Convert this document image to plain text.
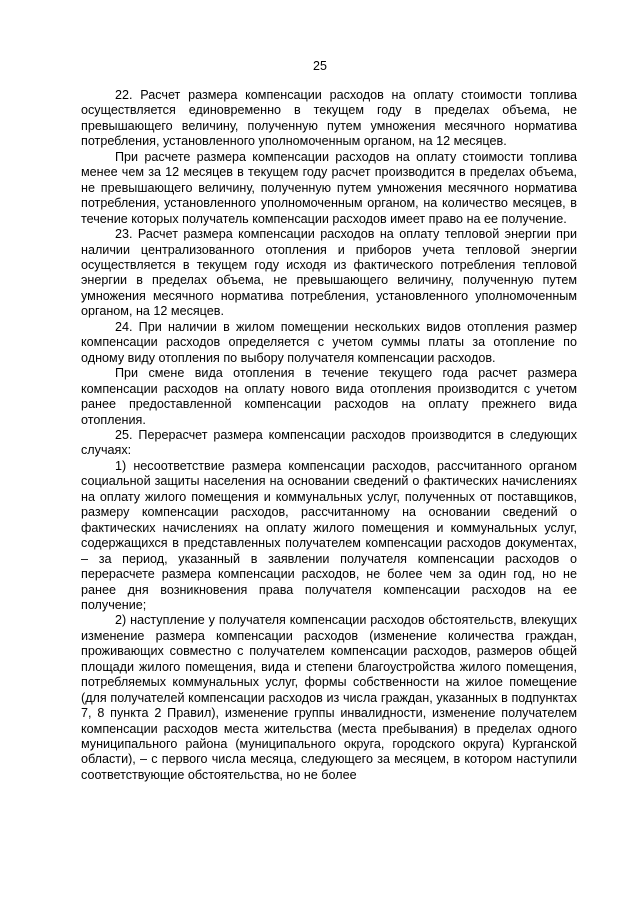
25

22. Расчет размера компенсации расходов на оплату стоимости топлива осуществляется единовременно в текущем году в пределах объема, не превышающего величину, полученную путем умножения месячного норматива потребления, установленного уполномоченным органом, на 12 месяцев.

При расчете размера компенсации расходов на оплату стоимости топлива менее чем за 12 месяцев в текущем году расчет производится в пределах объема, не превышающего величину, полученную путем умножения месячного норматива потребления, установленного уполномоченным органом, на количество месяцев, в течение которых получатель компенсации расходов имеет право на ее получение.

23. Расчет размера компенсации расходов на оплату тепловой энергии при наличии централизованного отопления и приборов учета тепловой энергии осуществляется в текущем году исходя из фактического потребления тепловой энергии в пределах объема, не превышающего величину, полученную путем умножения месячного норматива потребления, установленного уполномоченным органом, на 12 месяцев.

24. При наличии в жилом помещении нескольких видов отопления размер компенсации расходов определяется с учетом суммы платы за отопление по одному виду отопления по выбору получателя компенсации расходов.

При смене вида отопления в течение текущего года расчет размера компенсации расходов на оплату нового вида отопления производится с учетом ранее предоставленной компенсации расходов на оплату прежнего вида отопления.

25. Перерасчет размера компенсации расходов производится в следующих случаях:

1) несоответствие размера компенсации расходов, рассчитанного органом социальной защиты населения на основании сведений о фактических начислениях на оплату жилого помещения и коммунальных услуг, полученных от поставщиков, размеру компенсации расходов, рассчитанному на основании сведений о фактических начислениях на оплату жилого помещения и коммунальных услуг, содержащихся в представленных получателем компенсации расходов документах, – за период, указанный в заявлении получателя компенсации расходов о перерасчете размера компенсации расходов, не более чем за один год, но не ранее дня возникновения права получателя компенсации расходов на ее получение;

2) наступление у получателя компенсации расходов обстоятельств, влекущих изменение размера компенсации расходов (изменение количества граждан, проживающих совместно с получателем компенсации расходов, размеров общей площади жилого помещения, вида и степени благоустройства жилого помещения, потребляемых коммунальных услуг, формы собственности на жилое помещение (для получателей компенсации расходов из числа граждан, указанных в подпунктах 7, 8 пункта 2 Правил), изменение группы инвалидности, изменение получателем компенсации расходов места жительства (места пребывания) в пределах одного муниципального района (муниципального округа, городского округа) Курганской области), – с первого числа месяца, следующего за месяцем, в котором наступили соответствующие обстоятельства, но не более
